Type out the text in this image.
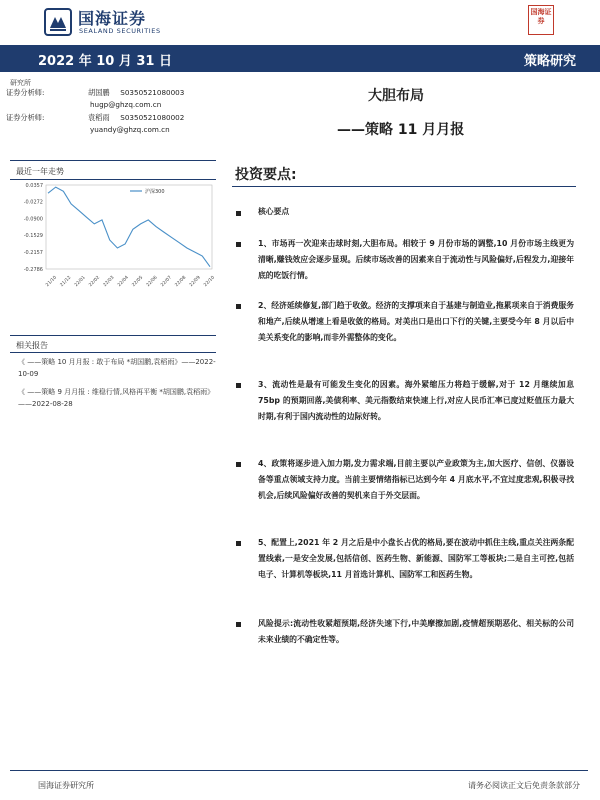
国海证券
SEALAND SECURITIES
国海证券
2022 年 10 月 31 日	策略研究
研究所
证券分析师:	胡国鹏 S0350521080003
hugp@ghzq.com.cn
证券分析师:	袁稻雨 S0350521080002
yuandy@ghzq.com.cn
大胆布局
——策略 11 月月报
最近一年走势
0.0357
-0.0272
-0.0900
-0.1529
-0.2157
-0.2786
21/10 21/12 22/01 22/02 22/03 22/04 22/05 22/06 22/07 22/08 22/09 22/10
沪深300
相关报告
《 ——策略 10 月月报 : 敢于布局 *胡国鹏,袁稻雨》——2022-10-09
《 ——策略 9 月月报 : 维稳行情,风格再平衡 *胡国鹏,袁稻雨》——2022-08-28
投资要点:
核心要点
1、市场再一次迎来击球时刻,大胆布局。相较于 9 月份市场的调整,10 月份市场主线更为清晰,赚钱效应会逐步显现。后续市场改善的因素来自于流动性与风险偏好,后程发力,迎接年底的吃饭行情。
2、经济延续修复,部门趋于收敛。经济的支撑项来自于基建与制造业,拖累项来自于消费服务和地产,后续从增速上看是收敛的格局。对美出口是出口下行的关键,主要受今年 8 月以后中美关系变化的影响,而非外需整体的变化。
3、流动性是最有可能发生变化的因素。海外紧缩压力将趋于缓解,对于 12 月继续加息 75bp 的预期回落,美债利率、美元指数结束快速上行,对应人民币汇率已度过贬值压力最大时期,有利于国内流动性的边际好转。
4、政策将逐步进入加力期,发力需求端,目前主要以产业政策为主,加大医疗、信创、仪器设备等重点领域支持力度。当前主要情绪指标已达到今年 4 月底水平,不宜过度悲观,积极寻找机会,后续风险偏好改善的契机来自于外交层面。
5、配置上,2021 年 2 月之后是中小盘长占优的格局,要在波动中抓住主线,重点关注两条配置线索,一是安全发展,包括信创、医药生物、新能源、国防军工等板块;二是自主可控,包括电子、计算机等板块,11 月首选计算机、国防军工和医药生物。
风险提示:流动性收紧超预期,经济失速下行,中美摩擦加剧,疫情超预期恶化、相关标的公司未来业绩的不确定性等。
国海证券研究所	请务必阅读正文后免责条款部分
